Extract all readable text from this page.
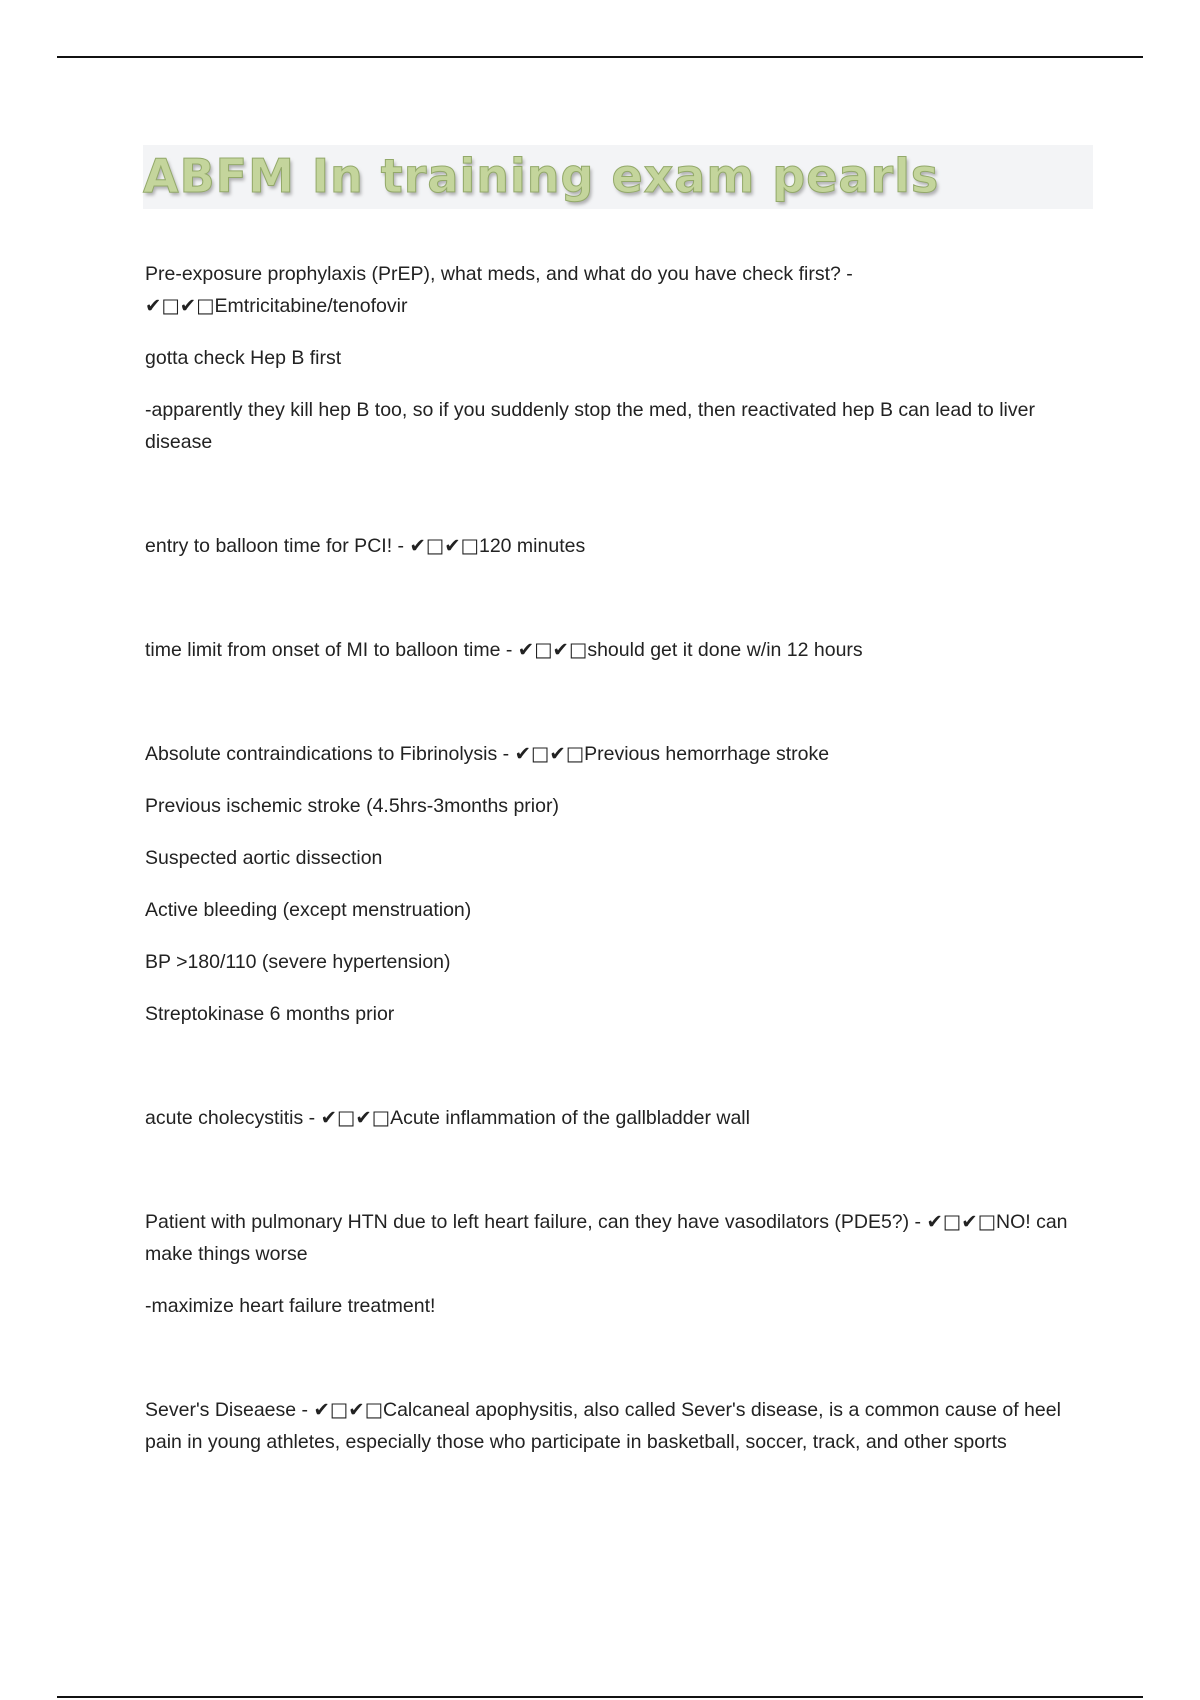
ABFM In training exam pearls

Pre-exposure prophylaxis (PrEP), what meds, and what do you have check first? - ✔□✔□Emtricitabine/tenofovir

gotta check Hep B first

-apparently they kill hep B too, so if you suddenly stop the med, then reactivated hep B can lead to liver disease

entry to balloon time for PCI! - ✔□✔□120 minutes

time limit from onset of MI to balloon time - ✔□✔□should get it done w/in 12 hours

Absolute contraindications to Fibrinolysis - ✔□✔□Previous hemorrhage stroke

Previous ischemic stroke (4.5hrs-3months prior)

Suspected aortic dissection

Active bleeding (except menstruation)

BP >180/110 (severe hypertension)

Streptokinase 6 months prior

acute cholecystitis - ✔□✔□Acute inflammation of the gallbladder wall

Patient with pulmonary HTN due to left heart failure, can they have vasodilators (PDE5?) - ✔□✔□NO! can make things worse

-maximize heart failure treatment!

Sever's Diseaese - ✔□✔□Calcaneal apophysitis, also called Sever's disease, is a common cause of heel pain in young athletes, especially those who participate in basketball, soccer, track, and other sports
